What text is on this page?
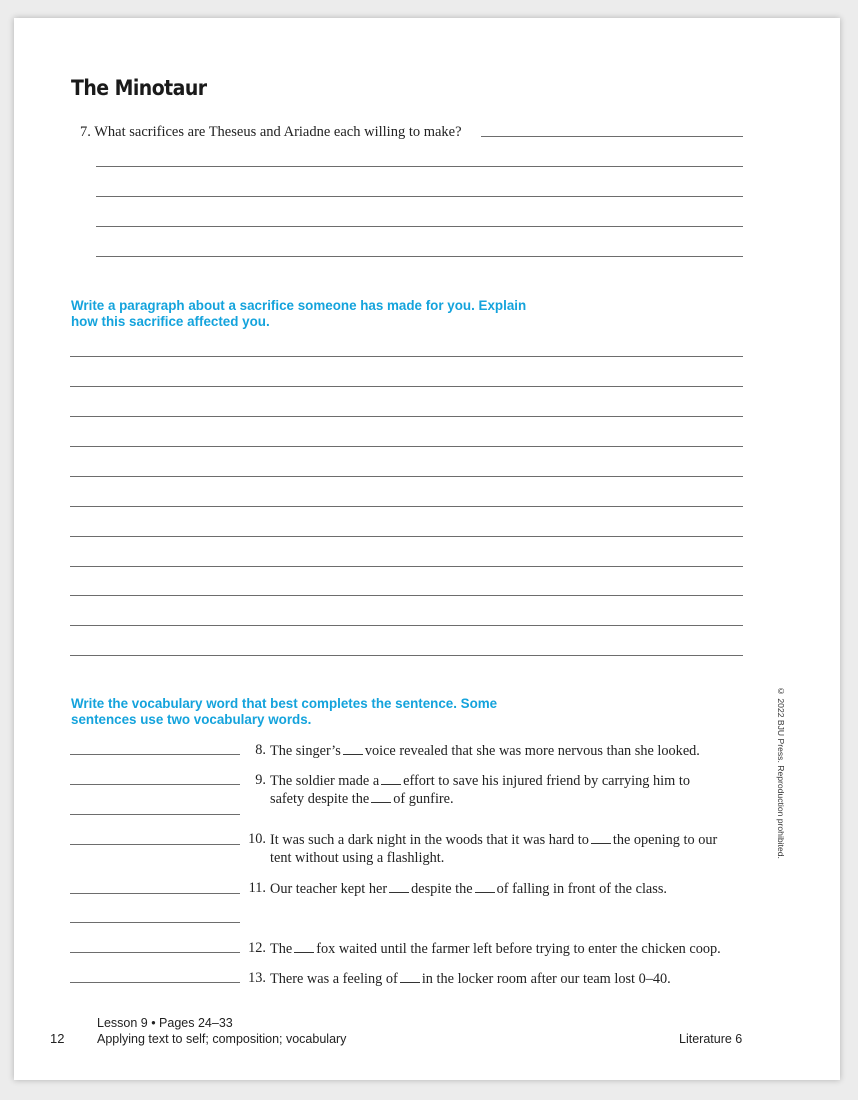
The Minotaur
7. What sacrifices are Theseus and Ariadne each willing to make?
Write a paragraph about a sacrifice someone has made for you. Explain
how this sacrifice affected you.
Write the vocabulary word that best completes the sentence. Some
sentences use two vocabulary words.
8. The singer’s voice revealed that she was more nervous than she looked.
9. The soldier made a effort to save his injured friend by carrying him to
safety despite the of gunfire.
10. It was such a dark night in the woods that it was hard to the opening to our
tent without using a flashlight.
11. Our teacher kept her despite the of falling in front of the class.
12. The fox waited until the farmer left before trying to enter the chicken coop.
13. There was a feeling of in the locker room after our team lost 0–40.
© 2022 BJU Press. Reproduction prohibited.
12
Lesson 9 • Pages 24–33
Applying text to self; composition; vocabulary	Literature 6
